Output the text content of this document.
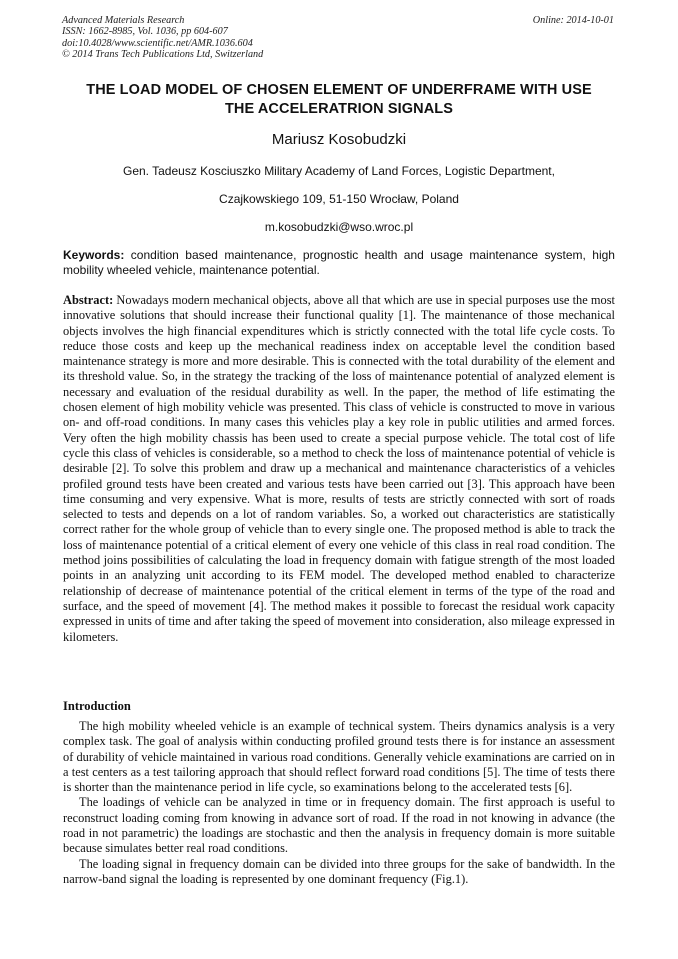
Advanced Materials Research
ISSN: 1662-8985, Vol. 1036, pp 604-607
doi:10.4028/www.scientific.net/AMR.1036.604
© 2014 Trans Tech Publications Ltd, Switzerland
Online: 2014-10-01
THE LOAD MODEL OF CHOSEN ELEMENT OF UNDERFRAME WITH USE THE ACCELERATRION SIGNALS
Mariusz Kosobudzki
Gen. Tadeusz Kosciuszko Military Academy of Land Forces, Logistic Department,
Czajkowskiego 109, 51-150 Wrocław, Poland
m.kosobudzki@wso.wroc.pl
Keywords: condition based maintenance, prognostic health and usage maintenance system, high mobility wheeled vehicle, maintenance potential.
Abstract: Nowadays modern mechanical objects, above all that which are use in special purposes use the most innovative solutions that should increase their functional quality [1]. The maintenance of those mechanical objects involves the high financial expenditures which is strictly connected with the total life cycle costs. To reduce those costs and keep up the mechanical readiness index on acceptable level the condition based maintenance strategy is more and more desirable. This is connected with the total durability of the element and its threshold value. So, in the strategy the tracking of the loss of maintenance potential of analyzed element is necessary and evaluation of the residual durability as well. In the paper, the method of life estimating the chosen element of high mobility vehicle was presented. This class of vehicle is constructed to move in various on- and off-road conditions. In many cases this vehicles play a key role in public utilities and armed forces. Very often the high mobility chassis has been used to create a special purpose vehicle. The total cost of life cycle this class of vehicles is considerable, so a method to check the loss of maintenance potential of vehicle is desirable [2]. To solve this problem and draw up a mechanical and maintenance characteristics of a vehicles profiled ground tests have been created and various tests have been carried out [3]. This approach have been time consuming and very expensive. What is more, results of tests are strictly connected with sort of roads selected to tests and depends on a lot of random variables. So, a worked out characteristics are statistically correct rather for the whole group of vehicle than to every single one. The proposed method is able to track the loss of maintenance potential of a critical element of every one vehicle of this class in real road condition. The method joins possibilities of calculating the load in frequency domain with fatigue strength of the most loaded points in an analyzing unit according to its FEM model. The developed method enabled to characterize relationship of decrease of maintenance potential of the critical element in terms of the type of the road and surface, and the speed of movement [4]. The method makes it possible to forecast the residual work capacity expressed in units of time and after taking the speed of movement into consideration, also mileage expressed in kilometers.
Introduction

The high mobility wheeled vehicle is an example of technical system. Theirs dynamics analysis is a very complex task. The goal of analysis within conducting profiled ground tests there is for instance an assessment of durability of vehicle maintained in various road conditions. Generally vehicle examinations are carried on in a test centers as a test tailoring approach that should reflect forward road conditions [5]. The time of tests there is shorter than the maintenance period in life cycle, so examinations belong to the accelerated tests [6].

The loadings of vehicle can be analyzed in time or in frequency domain. The first approach is useful to reconstruct loading coming from knowing in advance sort of road. If the road in not knowing in advance (the road in not parametric) the loadings are stochastic and then the analysis in frequency domain is more suitable because simulates better real road conditions.

The loading signal in frequency domain can be divided into three groups for the sake of bandwidth. In the narrow-band signal the loading is represented by one dominant frequency (Fig.1).
